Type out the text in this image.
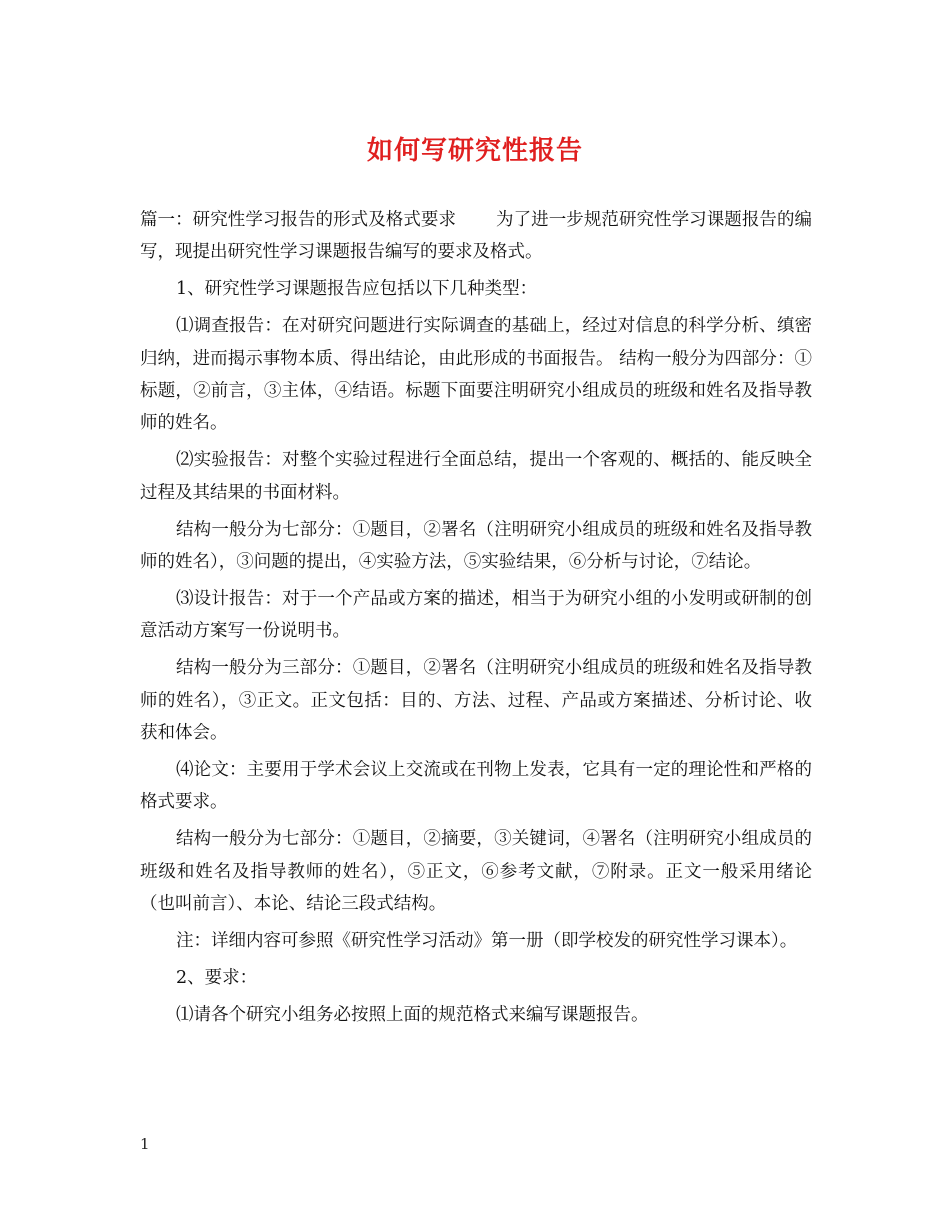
如何写研究性报告

篇一：研究性学习报告的形式及格式要求 为了进一步规范研究性学习课题报告的编写，现提出研究性学习课题报告编写的要求及格式。

1、研究性学习课题报告应包括以下几种类型：

⑴调查报告：在对研究问题进行实际调查的基础上，经过对信息的科学分析、缜密归纳，进而揭示事物本质、得出结论，由此形成的书面报告。 结构一般分为四部分：①标题，②前言，③主体，④结语。标题下面要注明研究小组成员的班级和姓名及指导教师的姓名。

⑵实验报告：对整个实验过程进行全面总结，提出一个客观的、概括的、能反映全过程及其结果的书面材料。

结构一般分为七部分：①题目，②署名（注明研究小组成员的班级和姓名及指导教师的姓名），③问题的提出，④实验方法，⑤实验结果，⑥分析与讨论，⑦结论。

⑶设计报告：对于一个产品或方案的描述，相当于为研究小组的小发明或研制的创意活动方案写一份说明书。

结构一般分为三部分：①题目，②署名（注明研究小组成员的班级和姓名及指导教师的姓名），③正文。正文包括：目的、方法、过程、产品或方案描述、分析讨论、收获和体会。

⑷论文：主要用于学术会议上交流或在刊物上发表，它具有一定的理论性和严格的格式要求。

结构一般分为七部分：①题目，②摘要，③关键词，④署名（注明研究小组成员的班级和姓名及指导教师的姓名），⑤正文，⑥参考文献，⑦附录。正文一般采用绪论（也叫前言）、本论、结论三段式结构。

注：详细内容可参照《研究性学习活动》第一册（即学校发的研究性学习课本）。

2、要求：

⑴请各个研究小组务必按照上面的规范格式来编写课题报告。

1
